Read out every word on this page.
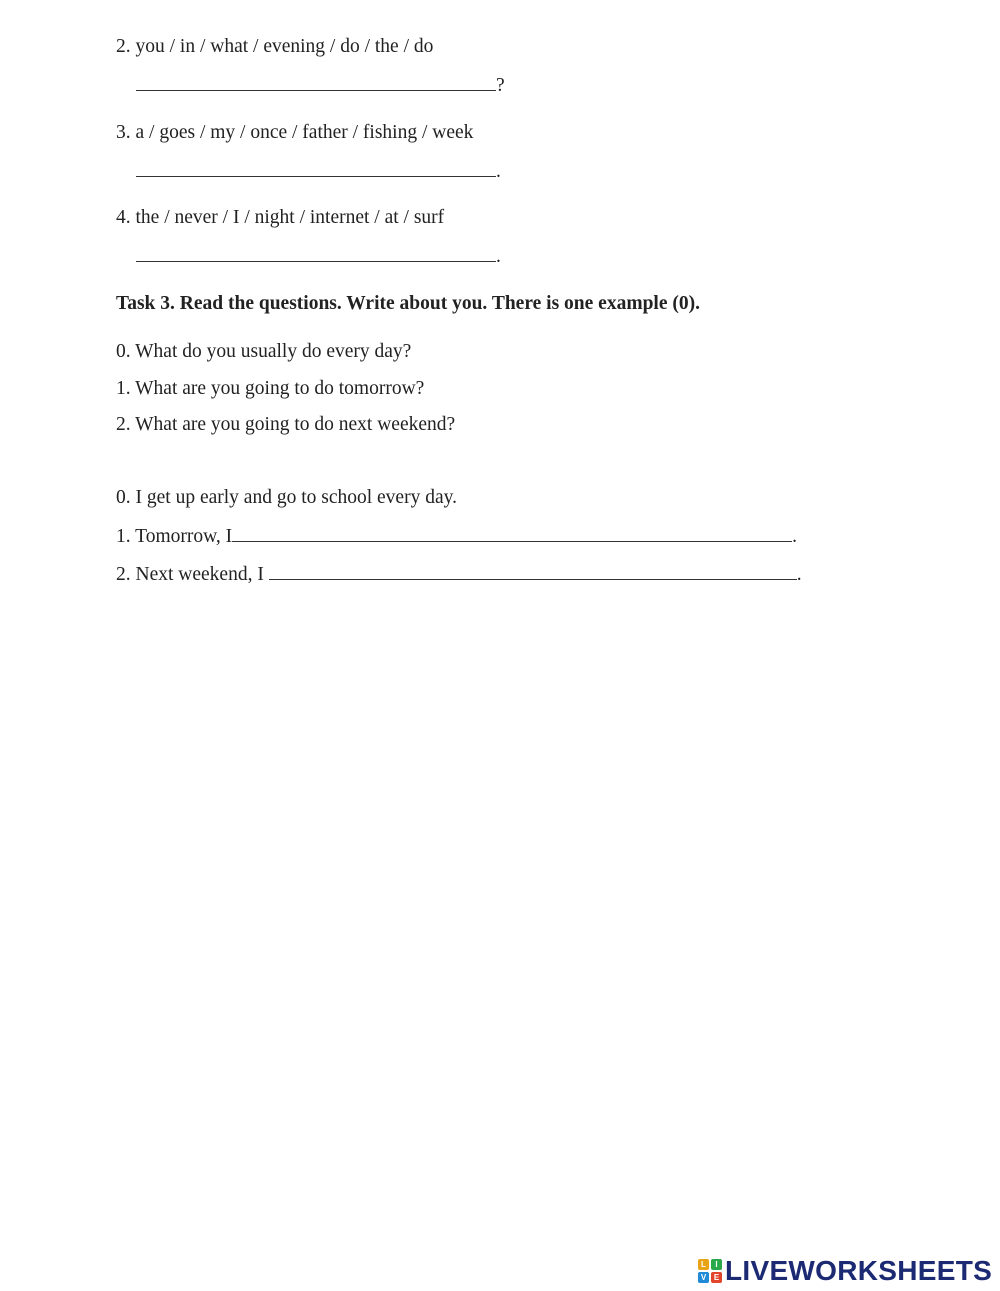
2. you / in / what / evening / do / the / do
?
3. a / goes / my / once / father / fishing / week
.
4. the / never / I / night / internet / at / surf
.
Task 3. Read the questions. Write about you. There is one example (0).
0. What do you usually do every day?
1. What are you going to do tomorrow?
2. What are you going to do next weekend?
0. I get up early and go to school every day.
1. Tomorrow, I	.
2. Next weekend, I	.
L	I
V E LIVEWORKSHEETS
